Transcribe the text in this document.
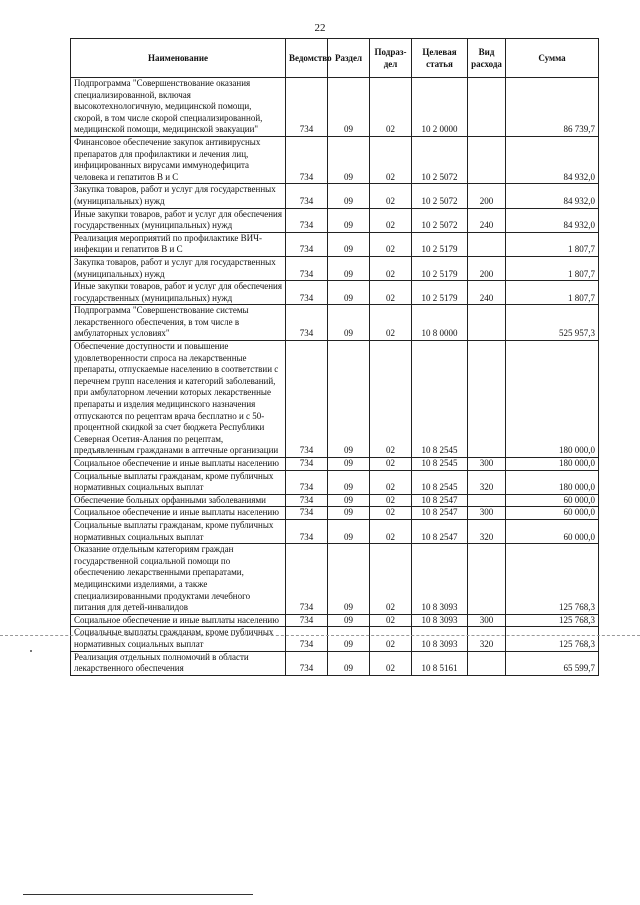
22
Наименование	Ведомство	Раздел	Подраз-дел	Целевая статья	Вид расхода	Сумма
Подпрограмма "Совершенствование оказания специализированной, включая высокотехнологичную, медицинской помощи, скорой, в том числе скорой специализированной, медицинской помощи, медицинской эвакуации"	734	09	02	10 2 0000		86 739,7
Финансовое обеспечение закупок антивирусных препаратов для профилактики и лечения лиц, инфицированных вирусами иммунодефицита человека и гепатитов В и С	734	09	02	10 2 5072		84 932,0
Закупка товаров, работ и услуг для государственных (муниципальных) нужд	734	09	02	10 2 5072	200	84 932,0
Иные закупки товаров, работ и услуг для обеспечения государственных (муниципальных) нужд	734	09	02	10 2 5072	240	84 932,0
Реализация мероприятий по профилактике ВИЧ-инфекции и гепатитов В и С	734	09	02	10 2 5179		1 807,7
Закупка товаров, работ и услуг для государственных (муниципальных) нужд	734	09	02	10 2 5179	200	1 807,7
Иные закупки товаров, работ и услуг для обеспечения государственных (муниципальных) нужд	734	09	02	10 2 5179	240	1 807,7
Подпрограмма "Совершенствование системы лекарственного обеспечения, в том числе в амбулаторных условиях"	734	09	02	10 8 0000		525 957,3
Обеспечение доступности и повышение удовлетворенности спроса на лекарственные препараты, отпускаемые населению в соответствии с перечнем групп населения и категорий заболеваний, при амбулаторном лечении которых лекарственные препараты и изделия медицинского назначения отпускаются по рецептам врача бесплатно и с 50-процентной скидкой за счет бюджета Республики Северная Осетия-Алания по рецептам, предъявленным гражданами в аптечные организации	734	09	02	10 8 2545		180 000,0
Социальное обеспечение и иные выплаты населению	734	09	02	10 8 2545	300	180 000,0
Социальные выплаты гражданам, кроме публичных нормативных социальных выплат	734	09	02	10 8 2545	320	180 000,0
Обеспечение больных орфанными заболеваниями	734	09	02	10 8 2547		60 000,0
Социальное обеспечение и иные выплаты населению	734	09	02	10 8 2547	300	60 000,0
Социальные выплаты гражданам, кроме публичных нормативных социальных выплат	734	09	02	10 8 2547	320	60 000,0
Оказание отдельным категориям граждан государственной социальной помощи по обеспечению лекарственными препаратами, медицинскими изделиями, а также специализированными продуктами лечебного питания для детей-инвалидов	734	09	02	10 8 3093		125 768,3
Социальное обеспечение и иные выплаты населению	734	09	02	10 8 3093	300	125 768,3
Социальные выплаты гражданам, кроме публичных нормативных социальных выплат	734	09	02	10 8 3093	320	125 768,3
Реализация отдельных полномочий в области лекарственного обеспечения	734	09	02	10 8 5161		65 599,7
